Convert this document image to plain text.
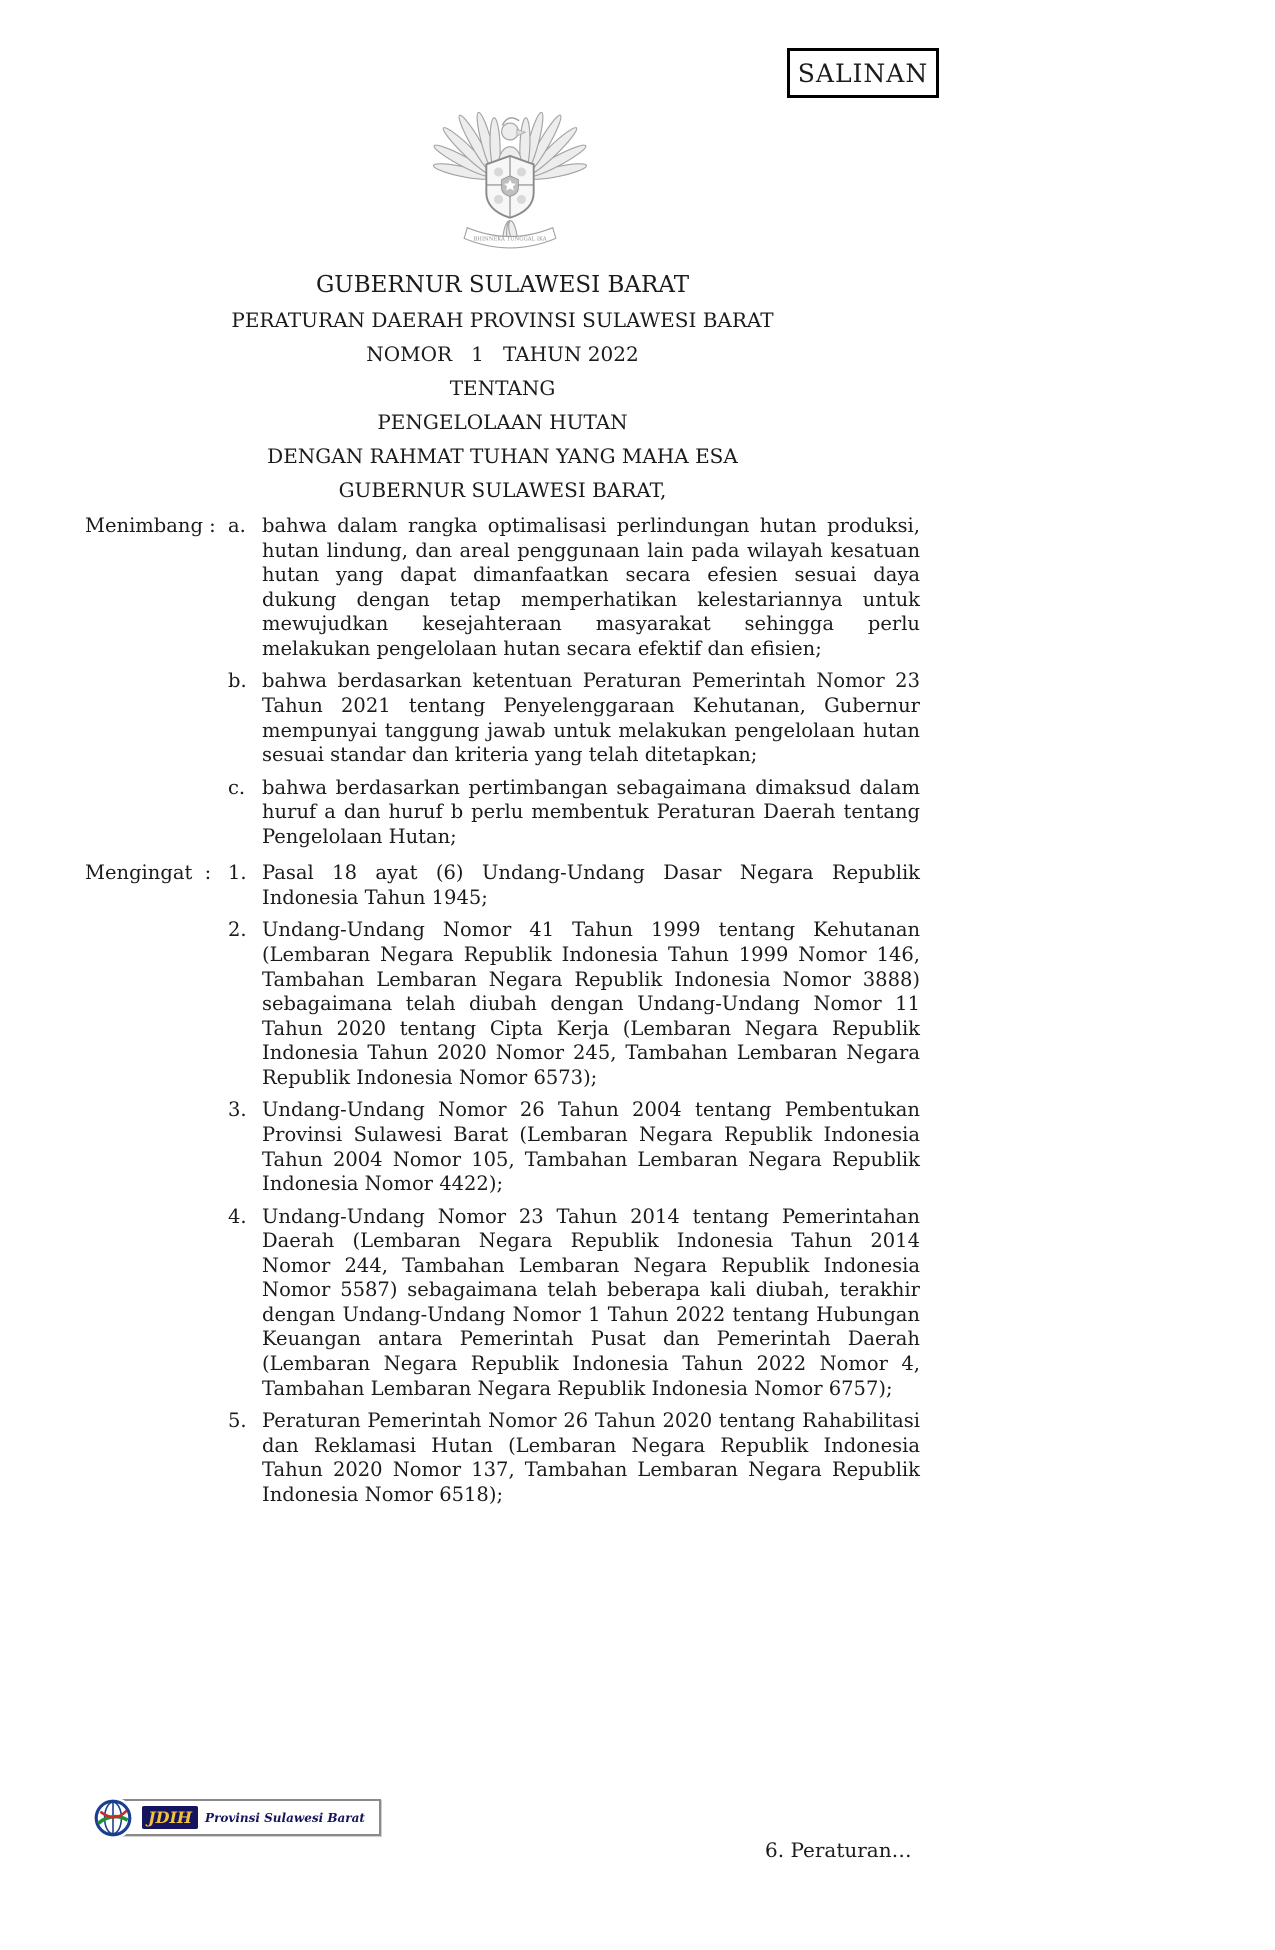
SALINAN
BHINNEKA TUNGGAL IKA
GUBERNUR SULAWESI BARAT
PERATURAN DAERAH PROVINSI SULAWESI BARAT
NOMOR   1   TAHUN 2022
TENTANG
PENGELOLAAN HUTAN
DENGAN RAHMAT TUHAN YANG MAHA ESA
GUBERNUR SULAWESI BARAT,
Menimbang : a. bahwa dalam rangka optimalisasi perlindungan hutan produksi, hutan lindung, dan areal penggunaan lain pada wilayah kesatuan hutan yang dapat dimanfaatkan secara efesien sesuai daya dukung dengan tetap memperhatikan kelestariannya untuk mewujudkan kesejahteraan masyarakat sehingga perlu melakukan pengelolaan hutan secara efektif dan efisien;
b. bahwa berdasarkan ketentuan Peraturan Pemerintah Nomor 23 Tahun 2021 tentang Penyelenggaraan Kehutanan, Gubernur mempunyai tanggung jawab untuk melakukan pengelolaan hutan sesuai standar dan kriteria yang telah ditetapkan;
c. bahwa berdasarkan pertimbangan sebagaimana dimaksud dalam huruf a dan huruf b perlu membentuk Peraturan Daerah tentang Pengelolaan Hutan;
Mengingat  : 1. Pasal 18 ayat (6) Undang-Undang Dasar Negara Republik Indonesia Tahun 1945;
2. Undang-Undang Nomor 41 Tahun 1999 tentang Kehutanan (Lembaran Negara Republik Indonesia Tahun 1999 Nomor 146, Tambahan Lembaran Negara Republik Indonesia Nomor 3888) sebagaimana telah diubah dengan Undang-Undang Nomor 11 Tahun 2020 tentang Cipta Kerja (Lembaran Negara Republik Indonesia Tahun 2020 Nomor 245, Tambahan Lembaran Negara Republik Indonesia Nomor 6573);
3. Undang-Undang Nomor 26 Tahun 2004 tentang Pembentukan Provinsi Sulawesi Barat (Lembaran Negara Republik Indonesia Tahun 2004 Nomor 105, Tambahan Lembaran Negara Republik Indonesia Nomor 4422);
4. Undang-Undang Nomor 23 Tahun 2014 tentang Pemerintahan Daerah (Lembaran Negara Republik Indonesia Tahun 2014 Nomor 244, Tambahan Lembaran Negara Republik Indonesia Nomor 5587) sebagaimana telah beberapa kali diubah, terakhir dengan Undang-Undang Nomor 1 Tahun 2022 tentang Hubungan Keuangan antara Pemerintah Pusat dan Pemerintah Daerah (Lembaran Negara Republik Indonesia Tahun 2022 Nomor 4, Tambahan Lembaran Negara Republik Indonesia Nomor 6757);
5. Peraturan Pemerintah Nomor 26 Tahun 2020 tentang Rahabilitasi dan Reklamasi Hutan (Lembaran Negara Republik Indonesia Tahun 2020 Nomor 137, Tambahan Lembaran Negara Republik Indonesia Nomor 6518);
JDIH	Provinsi Sulawesi Barat
6. Peraturan…
